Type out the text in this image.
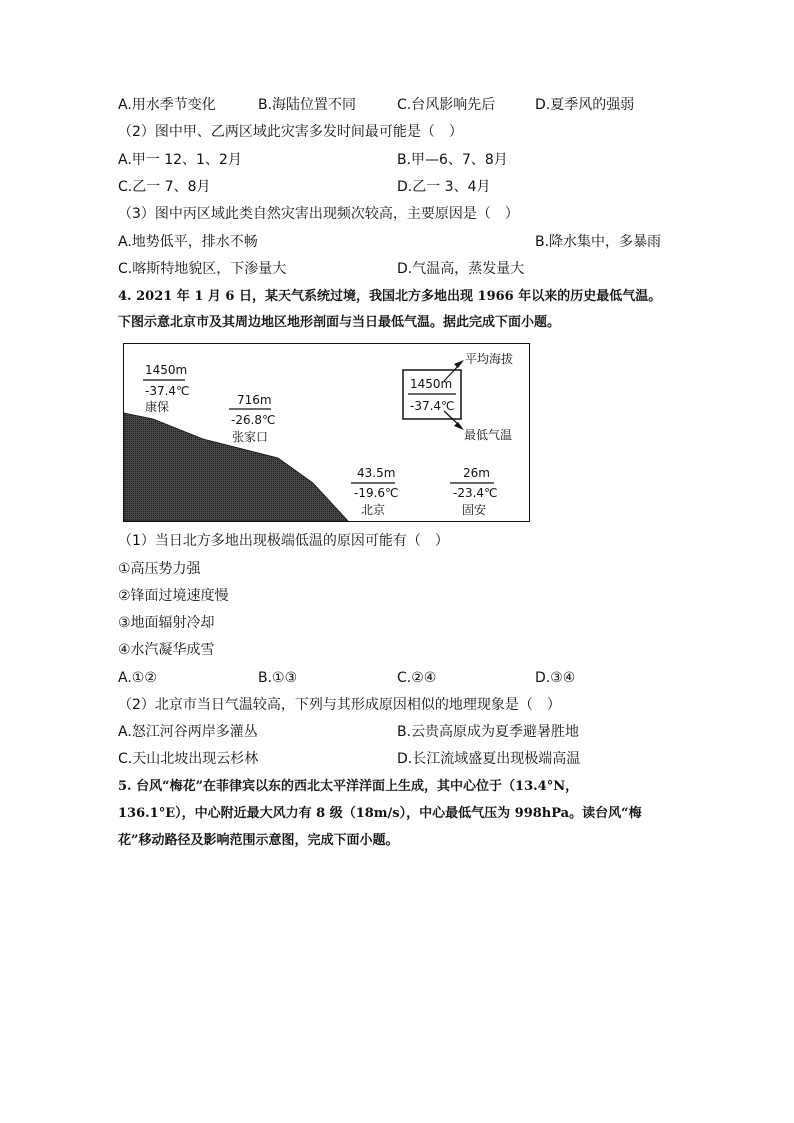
A.用水季节变化	B.海陆位置不同	C.台风影响先后	D.夏季风的强弱
（2）图中甲、乙两区域此灾害多发时间最可能是（　）
A.甲一 12、1、2月	B.甲—6、7、8月
C.乙一 7、8月	D.乙一 3、4月
（3）图中丙区域此类自然灾害出现频次较高，主要原因是（　）
A.地势低平，排水不畅	B.降水集中，多暴雨
C.喀斯特地貌区，下渗量大	D.气温高，蒸发量大
4. 2021 年 1 月 6 日，某天气系统过境，我国北方多地出现 1966 年以来的历史最低气温。
下图示意北京市及其周边地区地形剖面与当日最低气温。据此完成下面小题。
1450m
-37.4℃
康保	716m
-26.8℃
张家口
43.5m
-19.6℃
北京
26m
-23.4℃
固安
1450m
-37.4℃
平均海拔
最低气温
（1）当日北方多地出现极端低温的原因可能有（　）
①高压势力强
②锋面过境速度慢
③地面辐射冷却
④水汽凝华成雪
A.①②	B.①③	C.②④	D.③④
（2）北京市当日气温较高，下列与其形成原因相似的地理现象是（　）
A.怒江河谷两岸多灌丛	B.云贵高原成为夏季避暑胜地
C.天山北坡出现云杉林	D.长江流域盛夏出现极端高温
5. 台风“梅花”在菲律宾以东的西北太平洋洋面上生成，其中心位于（13.4°N，
136.1°E），中心附近最大风力有 8 级（18m/s），中心最低气压为 998hPa。读台风“梅
花”移动路径及影响范围示意图，完成下面小题。
